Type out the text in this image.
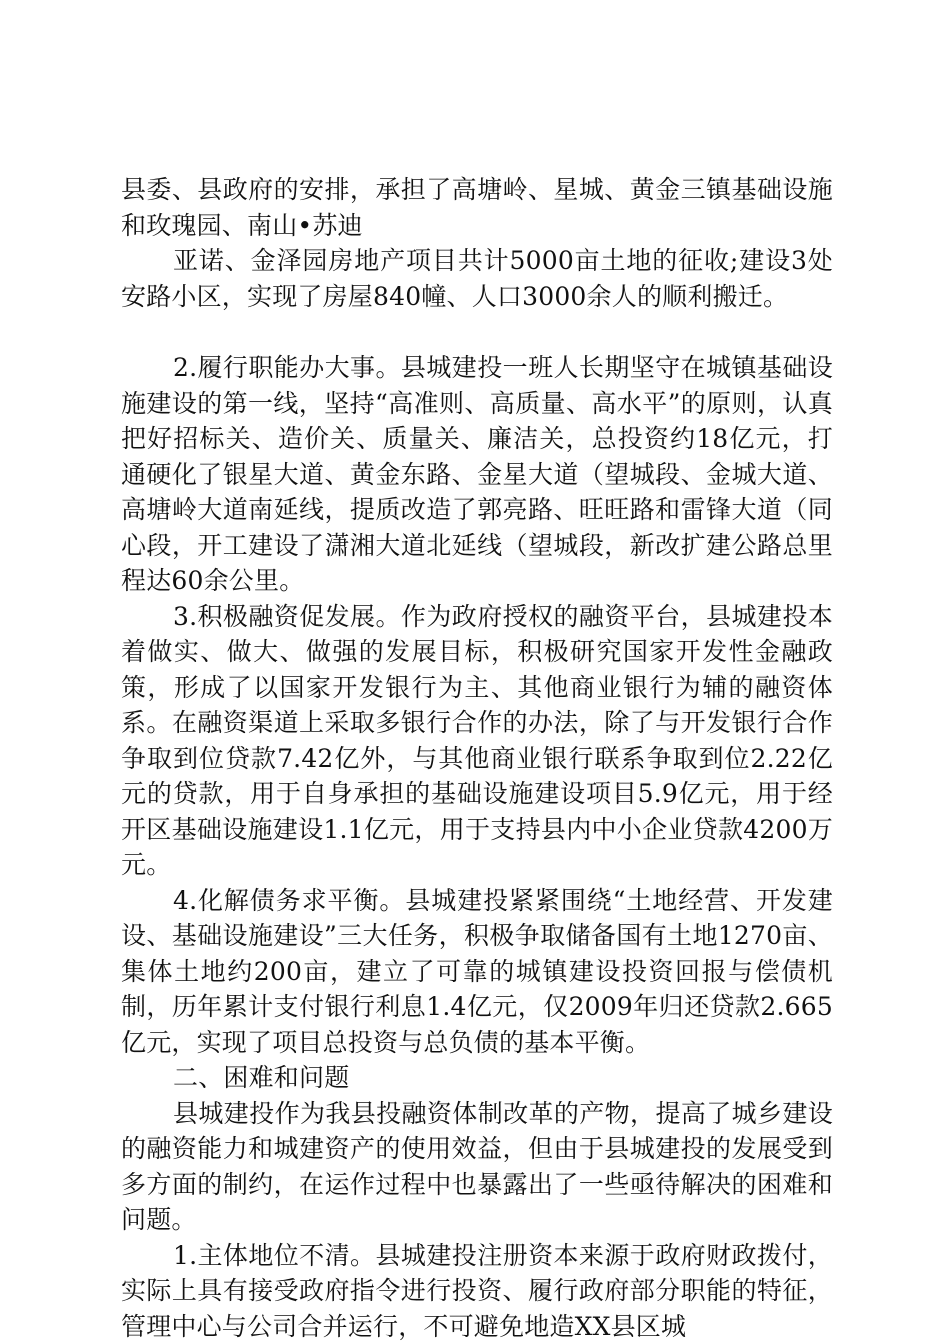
县委、县政府的安排，承担了高塘岭、星城、黄金三镇基础设施和玫瑰园、南山•苏迪

亚诺、金泽园房地产项目共计5000亩土地的征收;建设3处安路小区，实现了房屋840幢、人口3000余人的顺利搬迁。

2.履行职能办大事。县城建投一班人长期坚守在城镇基础设施建设的第一线，坚持“高准则、高质量、高水平”的原则，认真把好招标关、造价关、质量关、廉洁关，总投资约18亿元，打通硬化了银星大道、黄金东路、金星大道（望城段、金城大道、高塘岭大道南延线，提质改造了郭亮路、旺旺路和雷锋大道（同心段，开工建设了潇湘大道北延线（望城段，新改扩建公路总里程达60余公里。

3.积极融资促发展。作为政府授权的融资平台，县城建投本着做实、做大、做强的发展目标，积极研究国家开发性金融政策，形成了以国家开发银行为主、其他商业银行为辅的融资体系。在融资渠道上采取多银行合作的办法，除了与开发银行合作争取到位贷款7.42亿外，与其他商业银行联系争取到位2.22亿元的贷款，用于自身承担的基础设施建设项目5.9亿元，用于经开区基础设施建设1.1亿元，用于支持县内中小企业贷款4200万元。

4.化解债务求平衡。县城建投紧紧围绕“土地经营、开发建设、基础设施建设”三大任务，积极争取储备国有土地1270亩、集体土地约200亩，建立了可靠的城镇建设投资回报与偿债机制，历年累计支付银行利息1.4亿元，仅2009年归还贷款2.665亿元，实现了项目总投资与总负债的基本平衡。

二、困难和问题

县城建投作为我县投融资体制改革的产物，提高了城乡建设的融资能力和城建资产的使用效益，但由于县城建投的发展受到多方面的制约，在运作过程中也暴露出了一些亟待解决的困难和问题。

1.主体地位不清。县城建投注册资本来源于政府财政拨付，实际上具有接受政府指令进行投资、履行政府部分职能的特征，管理中心与公司合并运行，不可避免地造XX县区城
